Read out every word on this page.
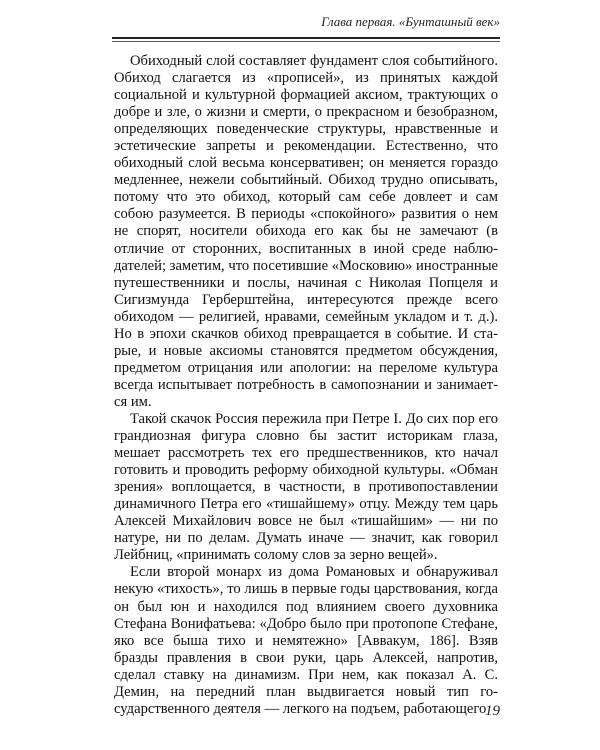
Глава первая. «Бунташный век»

Обиходный слой составляет фундамент слоя событийного. Обиход слагается из «прописей», из принятых каждой социальной и культурной формацией аксиом, трактующих о добре и зле, о жизни и смерти, о прекрасном и безобразном, определяющих поведенческие структуры, нравственные и эстетические запреты и рекомендации. Естественно, что обиходный слой весьма консервативен; он меняется гораздо медленнее, нежели событийный. Обиход трудно описывать, потому что это обиход, который сам себе довлеет и сам собою разумеется. В периоды «спокойного» развития о нем не спорят, носители обихода его как бы не замечают (в отличие от сторонних, воспитанных в иной среде наблюдателей; заметим, что посетившие «Московию» иностранные путешественники и послы, начиная с Николая Попцеля и Сигизмунда Герберштейна, интересуются прежде всего обиходом — религией, нравами, семейным укладом и т. д.). Но в эпохи скачков обиход превращается в событие. И старые, и новые аксиомы становятся предметом обсуждения, предметом отрицания или апологии: на переломе культура всегда испытывает потребность в самопознании и занимается им.

Такой скачок Россия пережила при Петре I. До сих пор его грандиозная фигура словно бы застит историкам глаза, мешает рассмотреть тех его предшественников, кто начал готовить и проводить реформу обиходной культуры. «Обман зрения» воплощается, в частности, в противопоставлении динамичного Петра его «тишайшему» отцу. Между тем царь Алексей Михайлович вовсе не был «тишайшим» — ни по натуре, ни по делам. Думать иначе — значит, как говорил Лейбниц, «принимать солому слов за зерно вещей».

Если второй монарх из дома Романовых и обнаруживал некую «тихость», то лишь в первые годы царствования, когда он был юн и находился под влиянием своего духовника Стефана Вонифатьева: «Добро было при протопопе Стефане, яко все быша тихо и немятежно» [Аввакум, 186]. Взяв бразды правления в свои руки, царь Алексей, напротив, сделал ставку на динамизм. При нем, как показал А. С. Демин, на передний план выдвигается новый тип государственного деятеля — легкого на подъем, работающего

19
